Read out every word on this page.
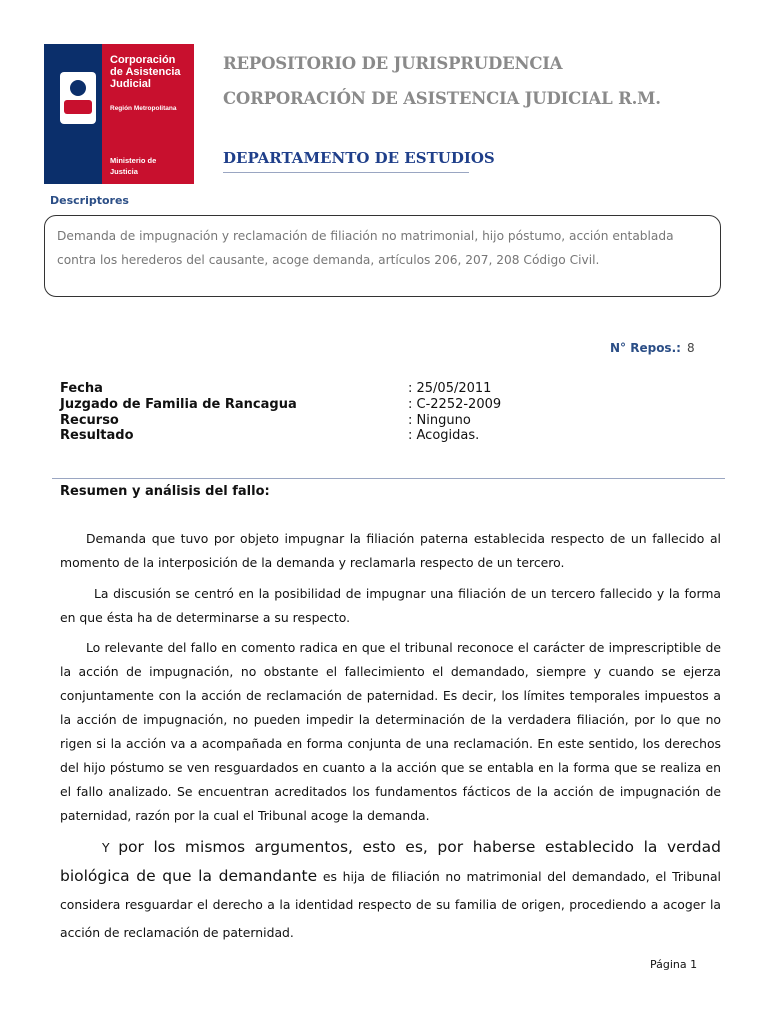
Corporación
de Asistencia
Judicial
Región Metropolitana
Ministerio de
Justicia
REPOSITORIO DE JURISPRUDENCIA
CORPORACIÓN DE ASISTENCIA JUDICIAL R.M.
DEPARTAMENTO DE ESTUDIOS
Descriptores
Demanda de impugnación y reclamación de filiación no matrimonial, hijo póstumo, acción entablada contra los herederos del causante, acoge demanda, artículos 206, 207, 208 Código Civil.
N° Repos.: 8
Fecha	: 25/05/2011
Juzgado de Familia de Rancagua	: C-2252-2009
Recurso	: Ninguno
Resultado	: Acogidas.
Resumen y análisis del fallo:
Demanda que tuvo por objeto impugnar la filiación paterna establecida respecto de un fallecido al momento de la interposición de la demanda y reclamarla respecto de un tercero.
La discusión se centró en la posibilidad de impugnar una filiación de un tercero fallecido y la forma en que ésta ha de determinarse a su respecto.
Lo relevante del fallo en comento radica en que el tribunal reconoce el carácter de imprescriptible de la acción de impugnación, no obstante el fallecimiento el demandado, siempre y cuando se ejerza conjuntamente con la acción de reclamación de paternidad. Es decir, los límites temporales impuestos a la acción de impugnación, no pueden impedir la determinación de la verdadera filiación, por lo que no rigen si la acción va a acompañada en forma conjunta de una reclamación. En este sentido, los derechos del hijo póstumo se ven resguardados en cuanto a la acción que se entabla en la forma que se realiza en el fallo analizado. Se encuentran acreditados los fundamentos fácticos de la acción de impugnación de paternidad, razón por la cual el Tribunal acoge la demanda.
Y por los mismos argumentos, esto es, por haberse establecido la verdad biológica de que la demandante es hija de filiación no matrimonial del demandado, el Tribunal considera resguardar el derecho a la identidad respecto de su familia de origen, procediendo a acoger la acción de reclamación de paternidad.
Página 1
